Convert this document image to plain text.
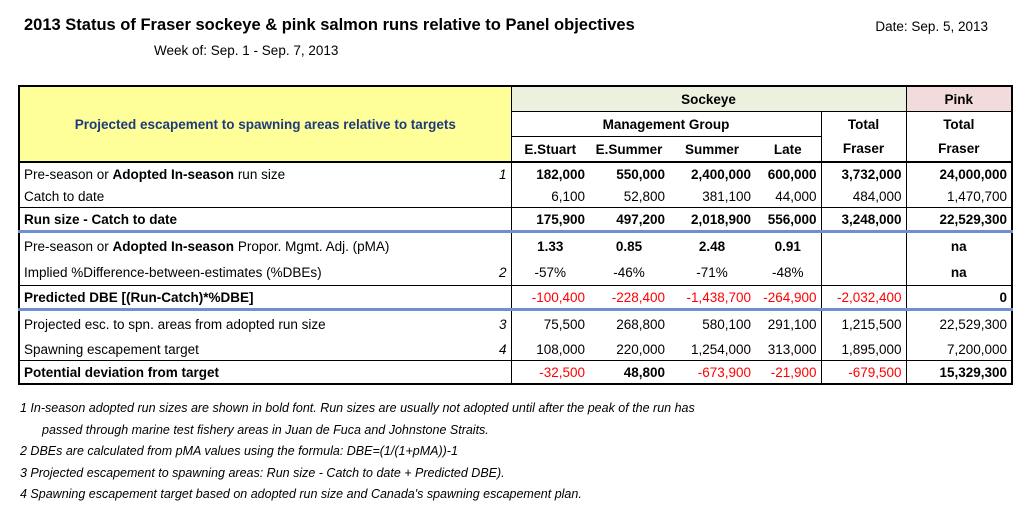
2013 Status of Fraser sockeye & pink salmon runs relative to Panel objectives	Date: Sep. 5, 2013
Week of: Sep. 1 - Sep. 7, 2013
Projected escapement to spawning areas relative to targets		Sockeye					Pink
		Management Group				Total	Total
		E.Stuart	E.Summer	Summer	Late	Fraser	Fraser
Pre-season or Adopted In-season run size	1	182,000	550,000	2,400,000	600,000	3,732,000	24,000,000
Catch to date		6,100	52,800	381,100	44,000	484,000	1,470,700
Run size - Catch to date		175,900	497,200	2,018,900	556,000	3,248,000	22,529,300
Pre-season or Adopted In-season Propor. Mgmt. Adj. (pMA)		1.33	0.85	2.48	0.91		na
Implied %Difference-between-estimates (%DBEs)	2	-57%	-46%	-71%	-48%		na
Predicted DBE [(Run-Catch)*%DBE]		-100,400	-228,400	-1,438,700	-264,900	-2,032,400	0
Projected esc. to spn. areas from adopted run size	3	75,500	268,800	580,100	291,100	1,215,500	22,529,300
Spawning escapement target	4	108,000	220,000	1,254,000	313,000	1,895,000	7,200,000
Potential deviation from target		-32,500	48,800	-673,900	-21,900	-679,500	15,329,300
1 In-season adopted run sizes are shown in bold font. Run sizes are usually not adopted until after the peak of the run has
passed through marine test fishery areas in Juan de Fuca and Johnstone Straits.
2 DBEs are calculated from pMA values using the formula: DBE=(1/(1+pMA))-1
3 Projected escapement to spawning areas: Run size - Catch to date + Predicted DBE).
4 Spawning escapement target based on adopted run size and Canada's spawning escapement plan.
